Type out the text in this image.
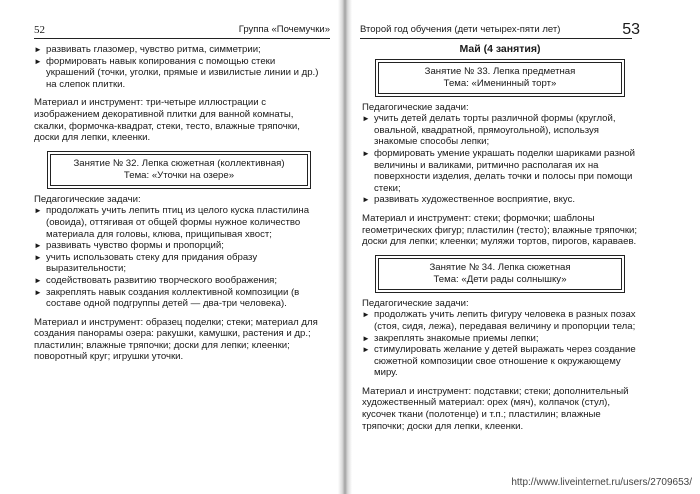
52	Группа «Почемучки»
► развивать глазомер, чувство ритма, симметрии;
► формировать навык копирования с помощью стеки украшений (точки, уголки, прямые и извилистые линии и др.) на слепок плитки.
Материал и инструмент: три-четыре иллюстрации с изображением декоративной плитки для ванной комнаты, скалки, формочка-квадрат, стеки, тесто, влажные тряпочки, доски для лепки, клеенки.
Занятие № 32. Лепка сюжетная (коллективная)
Тема: «Уточки на озере»
Педагогические задачи:
► продолжать учить лепить птиц из целого куска пластилина (овоида), оттягивая от общей формы нужное количество материала для головы, клюва, прищипывая хвост;
► развивать чувство формы и пропорций;
► учить использовать стеку для придания образу выразительности;
► содействовать развитию творческого воображения;
► закреплять навык создания коллективной композиции (в составе одной подгруппы детей — два-три человека).
Материал и инструмент: образец поделки; стеки; материал для создания панорамы озера: ракушки, камушки, растения и др.; пластилин; влажные тряпочки; доски для лепки; клеенки; поворотный круг; игрушки уточки.
Второй год обучения (дети четырех-пяти лет)	53
Май (4 занятия)
Занятие № 33. Лепка предметная
Тема: «Именинный торт»
Педагогические задачи:
► учить детей делать торты различной формы (круглой, овальной, квадратной, прямоугольной), используя знакомые способы лепки;
► формировать умение украшать поделки шариками разной величины и валиками, ритмично располагая их на поверхности изделия, делать точки и полосы при помощи стеки;
► развивать художественное восприятие, вкус.
Материал и инструмент: стеки; формочки; шаблоны геометрических фигур; пластилин (тесто); влажные тряпочки; доски для лепки; клеенки; муляжи тортов, пирогов, караваев.
Занятие № 34. Лепка сюжетная
Тема: «Дети рады солнышку»
Педагогические задачи:
► продолжать учить лепить фигуру человека в разных позах (стоя, сидя, лежа), передавая величину и пропорции тела;
► закреплять знакомые приемы лепки;
► стимулировать желание у детей выражать через создание сюжетной композиции свое отношение к окружающему миру.
Материал и инструмент: подставки; стеки; дополнительный художественный материал: орех (мяч), колпачок (стул), кусочек ткани (полотенце) и т.п.; пластилин; влажные тряпочки; доски для лепки, клеенки.
http://www.liveinternet.ru/users/2709653/
